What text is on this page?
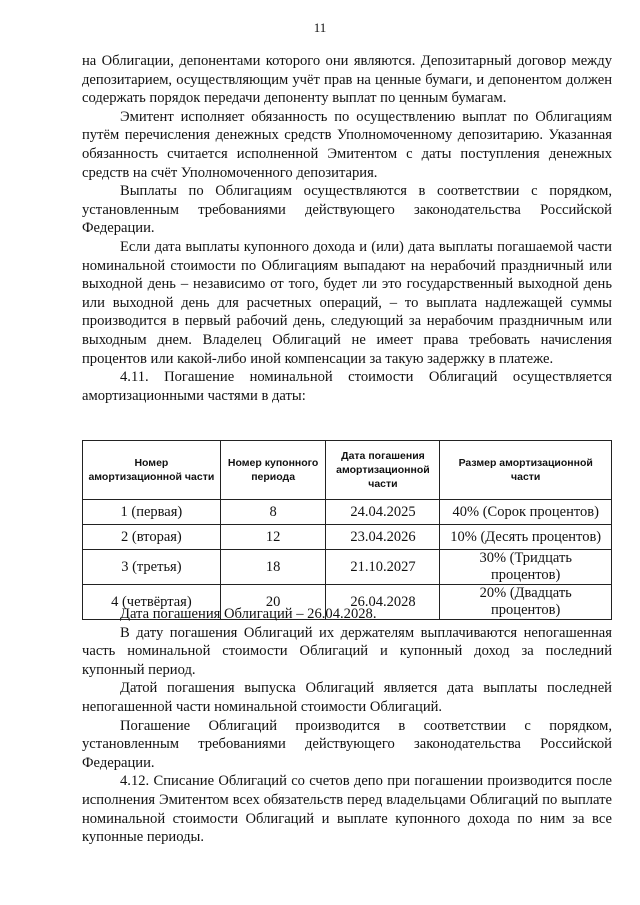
11

на Облигации, депонентами которого они являются. Депозитарный договор между депозитарием, осуществляющим учёт прав на ценные бумаги, и депонентом должен содержать порядок передачи депоненту выплат по ценным бумагам.

Эмитент исполняет обязанность по осуществлению выплат по Облигациям путём перечисления денежных средств Уполномоченному депозитарию. Указанная обязанность считается исполненной Эмитентом с даты поступления денежных средств на счёт Уполномоченного депозитария.

Выплаты по Облигациям осуществляются в соответствии с порядком, установленным требованиями действующего законодательства Российской Федерации.

Если дата выплаты купонного дохода и (или) дата выплаты погашаемой части номинальной стоимости по Облигациям выпадают на нерабочий праздничный или выходной день – независимо от того, будет ли это государственный выходной день или выходной день для расчетных операций, – то выплата надлежащей суммы производится в первый рабочий день, следующий за нерабочим праздничным или выходным днем. Владелец Облигаций не имеет права требовать начисления процентов или какой-либо иной компенсации за такую задержку в платеже.

4.11. Погашение номинальной стоимости Облигаций осуществляется амортизационными частями в даты:

Номер амортизационной части	Номер купонного периода	Дата погашения амортизационной части	Размер амортизационной части
1 (первая)	8	24.04.2025	40% (Сорок процентов)
2 (вторая)	12	23.04.2026	10% (Десять процентов)
3 (третья)	18	21.10.2027	30% (Тридцать процентов)
4 (четвёртая)	20	26.04.2028	20% (Двадцать процентов)

Дата погашения Облигаций – 26.04.2028.

В дату погашения Облигаций их держателям выплачиваются непогашенная часть номинальной стоимости Облигаций и купонный доход за последний купонный период.

Датой погашения выпуска Облигаций является дата выплаты последней непогашенной части номинальной стоимости Облигаций.

Погашение Облигаций производится в соответствии с порядком, установленным требованиями действующего законодательства Российской Федерации.

4.12. Списание Облигаций со счетов депо при погашении производится после исполнения Эмитентом всех обязательств перед владельцами Облигаций по выплате номинальной стоимости Облигаций и выплате купонного дохода по ним за все купонные периоды.
